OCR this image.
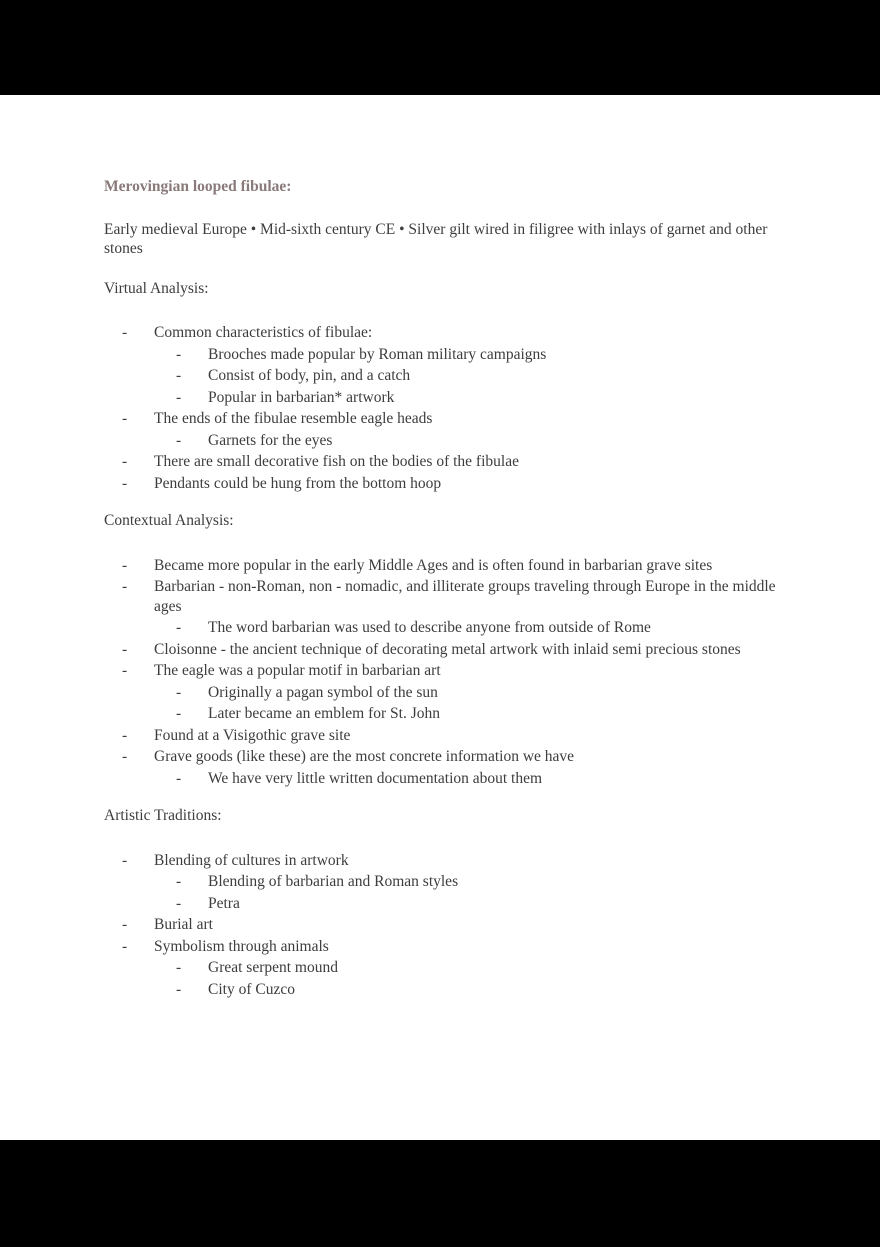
Merovingian looped fibulae:

Early medieval Europe • Mid-sixth century CE • Silver gilt wired in filigree with inlays of garnet and other stones

Virtual Analysis:

-	Common characteristics of fibulae:
-	Brooches made popular by Roman military campaigns
-	Consist of body, pin, and a catch
-	Popular in barbarian* artwork
-	The ends of the fibulae resemble eagle heads
-	Garnets for the eyes
-	There are small decorative fish on the bodies of the fibulae
-	Pendants could be hung from the bottom hoop

Contextual Analysis:

-	Became more popular in the early Middle Ages and is often found in barbarian grave sites
-	Barbarian - non-Roman, non - nomadic, and illiterate groups traveling through Europe in the middle ages
-	The word barbarian was used to describe anyone from outside of Rome
-	Cloisonne - the ancient technique of decorating metal artwork with inlaid semi precious stones
-	The eagle was a popular motif in barbarian art
-	Originally a pagan symbol of the sun
-	Later became an emblem for St. John
-	Found at a Visigothic grave site
-	Grave goods (like these) are the most concrete information we have
-	We have very little written documentation about them

Artistic Traditions:

-	Blending of cultures in artwork
-	Blending of barbarian and Roman styles
-	Petra
-	Burial art
-	Symbolism through animals
-	Great serpent mound
-	City of Cuzco
